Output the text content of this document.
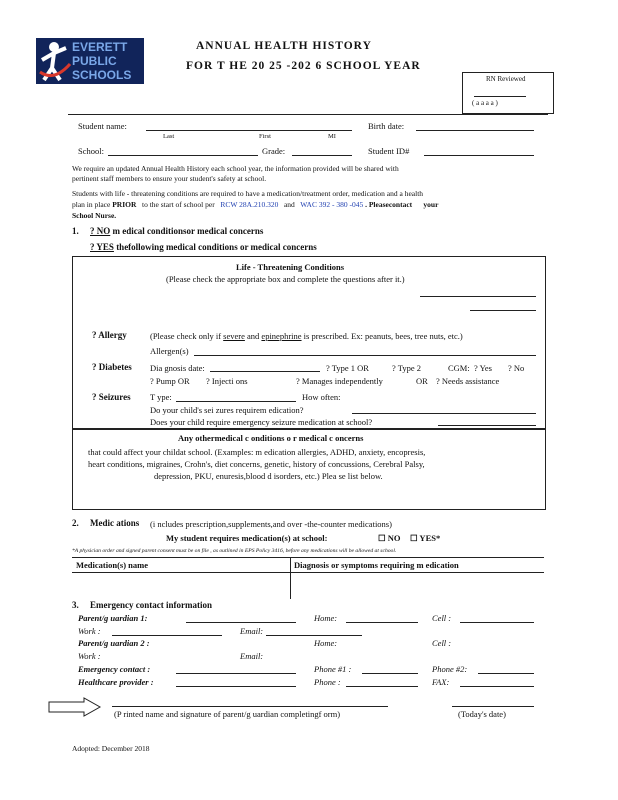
EVERETT
PUBLIC
SCHOOLS
ANNUAL HEALTH HISTORY
FOR T HE 20 25 -202 6 SCHOOL YEAR
RN Reviewed
( a a a a )
Student name:
Last	First	MI
Birth date:
School:	Grade:	Student ID#
We require an updated Annual Health History each school year, the information provided will be shared with
pertinent staff members to ensure your student's safety at school.
Students with life - threatening conditions are required to have a medication/treatment order, medication and a health
plan in place PRIOR to the start of school per RCW 28A.210.320 and WAC 392 - 380 -045 . Pleasecontact your
School Nurse.
1. ? NO m edical conditionsor medical concerns
? YES thefollowing medical conditions or medical concerns
Life - Threatening Conditions
(Please check the appropriate box and complete the questions after it.)
? Allergy	(Please check only if severe and epinephrine is prescribed. Ex: peanuts, bees, tree nuts, etc.)
Allergen(s)
? Diabetes Dia gnosis date:	? Type 1 OR	? Type 2	CGM: ? Yes ? No
? Pump OR ? Injecti ons	? Manages independently	OR ? Needs assistance
? Seizures T ype:	How often:
Do your child's sei zures requirem edication?
Does your child require emergency seizure medication at school?
Any othermedical c onditions o r medical c oncerns
that could affect your childat school. (Examples: m edication allergies, ADHD, anxiety, encopresis,
heart conditions, migraines, Crohn's, diet concerns, genetic, history of concussions, Cerebral Palsy,
depression, PKU, enuresis,blood d isorders, etc.) Plea se list below.
2. Medic ations (i ncludes prescription,supplements,and over -the-counter medications)
My student requires medication(s) at school:	☐ NO ☐ YES*
*A physician order and signed parent consent must be on file , as outlined in EPS Policy 3416, before any medications will be allowed at school.
Medication(s) name	Diagnosis or symptoms requiring m edication
3. Emergency contact information
Parent/g uardian 1:	Home:	Cell :
Work :	Email:
Parent/g uardian 2 :	Home:	Cell :
Work :	Email:
Emergency contact :	Phone #1 :	Phone #2:
Healthcare provider :	Phone :	FAX:
(P rinted name and signature of parent/g uardian completingf orm)	(Today's date)
Adopted: December 2018
